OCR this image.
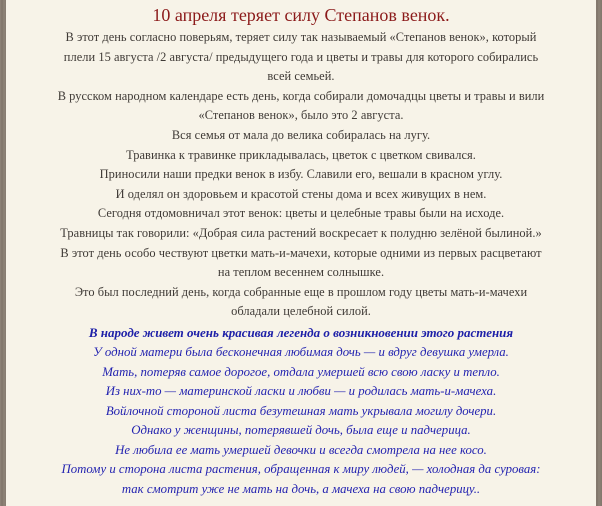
10 апреля теряет силу Степанов венок.
В этот день согласно поверьям, теряет силу так называемый «Степанов венок», который
плели 15 августа /2 августа/ предыдущего года и цветы и травы для которого собирались
всей семьей.
В русском народном календаре есть день, когда собирали домочадцы цветы и травы и вили
«Степанов венок», было это 2 августа.
Вся семья от мала до велика собиралась на лугу.
Травинка к травинке прикладывалась, цветок с цветком свивался.
Приносили наши предки венок в избу. Славили его, вешали в красном углу.
И оделял он здоровьем и красотой стены дома и всех живущих в нем.
Сегодня отдомовничал этот венок: цветы и целебные травы были на исходе.
Травницы так говорили: «Добрая сила растений воскресает к полудню зелёной былиной.»
В этот день особо чествуют цветки мать-и-мачехи, которые одними из первых расцветают
на теплом весеннем солнышке.
Это был последний день, когда собранные еще в прошлом году цветы мать-и-мачехи
обладали целебной силой.
В народе живет очень красивая легенда о возникновении этого растения
У одной матери была бесконечная любимая дочь — и вдруг девушка умерла.
Мать, потеряв самое дорогое, отдала умершей всю свою ласку и тепло.
Из них-то — материнской ласки и любви — и родилась мать-и-мачеха.
Войлочной стороной листа безутешная мать укрывала могилу дочери.
Однако у женщины, потерявшей дочь, была еще и падчерица.
Не любила ее мать умершей девочки и всегда смотрела на нее косо.
Потому и сторона листа растения, обращенная к миру людей, — холодная да суровая:
так смотрит уже не мать на дочь, а мачеха на свою падчерицу..
